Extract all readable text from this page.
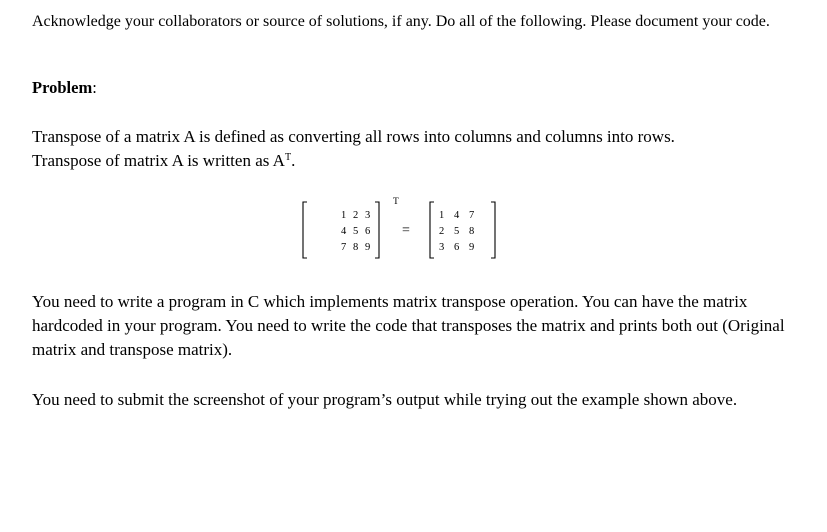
Acknowledge your collaborators or source of solutions, if any. Do all of the following. Please document your code.

Problem:
Transpose of a matrix A is defined as converting all rows into columns and columns into rows.
Transpose of matrix A is written as $A^T$.
You need to write a program in C which implements matrix transpose operation. You can have the matrix hardcoded in your program. You need to write the code that transposes the matrix and prints both out (Original matrix and transpose matrix).
You need to submit the screenshot of your program’s output while trying out the example shown above.
1 2 3
4 5 6
7 8 9
T
=
1 4 7
2 5 8
3 6 9
